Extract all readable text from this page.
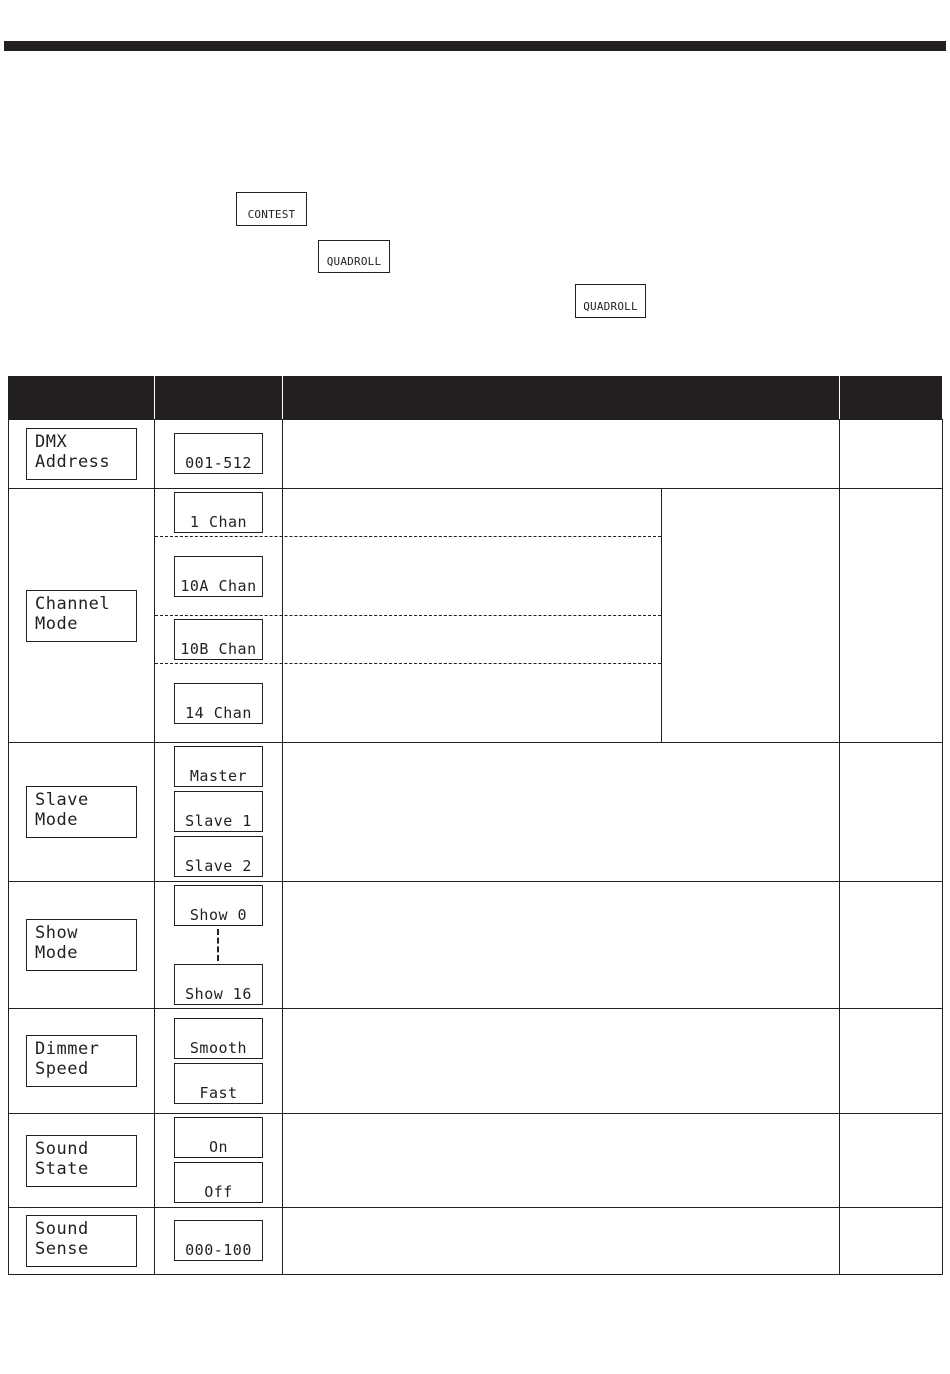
CONTEST
QUADROLL
QUADROLL
DMX
Address	001-512
Channel
Mode
1 Chan
10A Chan
10B Chan
14 Chan
Slave
Mode
Master
Slave 1
Slave 2
Show
Mode
Show 0
Show 16
Dimmer
Speed
Smooth
Fast
Sound
State
On
Off
Sound
Sense	000-100
